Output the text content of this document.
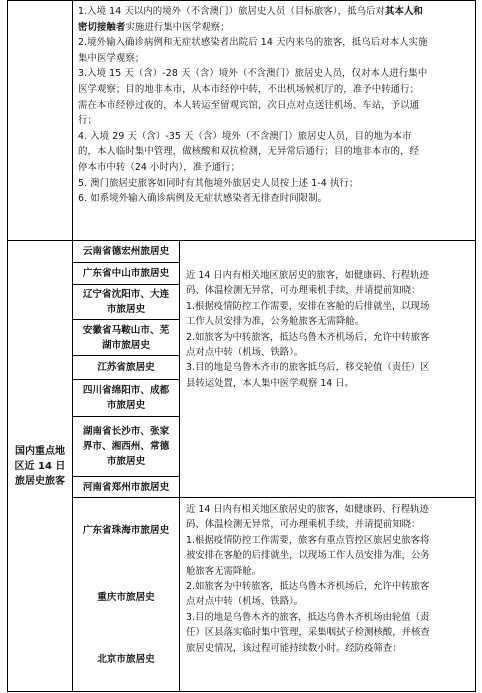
1.入境 14 天以内的境外（不含澳门）旅居史人员（目标旅客），抵乌后对其本人和
密切接触者实施进行集中医学观察；
2.境外输入确诊病例和无症状感染者出院后 14 天内来乌的旅客，抵乌后对本人实施
集中医学观察；
3.入境 15 天（含）-28 天（含）境外（不含澳门）旅居史人员，仅对本人进行集中
医学观察；目的地非本市，从本市经停中转，不出机场候机厅的，准予中转通行；
需在本市经停过夜的，本人转运至留观宾馆，次日点对点送往机场、车站，予以通
行；
4. 入境 29 天（含）-35 天（含）境外（不含澳门）旅居史人员，目的地为本市
的，本人临时集中管理，做核酸和双抗检测，无异常后通行；目的地非本市的，经
停本市中转（24 小时内），准予通行；
5. 澳门旅居史旅客如同时有其他境外旅居史人员按上述 1-4 执行；
6. 如系境外输入确诊病例及无症状感染者无排查时间限制。
国内重点地
区近 14 日
旅居史旅客
云南省德宏州旅居史
广东省中山市旅居史
辽宁省沈阳市、大连
市旅居史
安徽省马鞍山市、芜
湖市旅居史
江苏省旅居史
四川省绵阳市、成都
市旅居史
湖南省长沙市、张家
界市、湘西州、常德
市旅居史
河南省郑州市旅居史
近 14 日内有相关地区旅居史的旅客，如健康码、行程轨迹
码、体温检测无异常，可办理乘机手续，并请提前知晓：
1.根据疫情防控工作需要，安排在客舱的后排就坐，以现场
工作人员安排为准，公务舱旅客无需降舱。
2.如旅客为中转旅客，抵达乌鲁木齐机场后，允许中转旅客
点对点中转（机场、铁路）。
3.目的地是乌鲁木齐市的旅客抵乌后，移交轮值（责任）区
县转运处置，本人集中医学观察 14 日。
广东省珠海市旅居史
重庆市旅居史
北京市旅居史
近 14 日内有相关地区旅居史的旅客，如健康码、行程轨迹
码、体温检测无异常，可办理乘机手续，并请提前知晓：
1.根据疫情防控工作需要，旅客有重点管控区旅居史旅客将
被安排在客舱的后排就坐，以现场工作人员安排为准，公务
舱旅客无需降舱。
2.如旅客为中转旅客，抵达乌鲁木齐机场后，允许中转旅客
点对点中转（机场、铁路）。
3.目的地是乌鲁木齐的旅客，抵达乌鲁木齐机场由轮值（责
任）区县落实临时集中管理，采集咽拭子检测核酸，并核查
旅居史情况，该过程可能持续数小时。经防疫筛查：
